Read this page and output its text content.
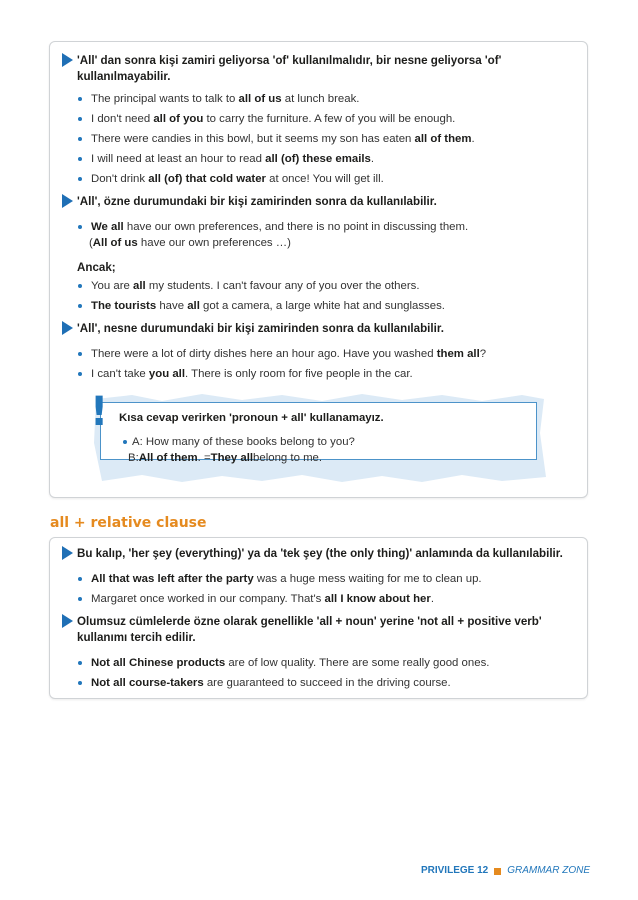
'All' dan sonra kişi zamiri geliyorsa 'of' kullanılmalıdır, bir nesne geliyorsa 'of' kullanılmayabilir.
The principal wants to talk to all of us at lunch break.
I don't need all of you to carry the furniture. A few of you will be enough.
There were candies in this bowl, but it seems my son has eaten all of them.
I will need at least an hour to read all (of) these emails.
Don't drink all (of) that cold water at once! You will get ill.
'All', özne durumundaki bir kişi zamirinden sonra da kullanılabilir.
We all have our own preferences, and there is no point in discussing them.
(All of us have our own preferences …)
Ancak;
You are all my students. I can't favour any of you over the others.
The tourists have all got a camera, a large white hat and sunglasses.
'All', nesne durumundaki bir kişi zamirinden sonra da kullanılabilir.
There were a lot of dirty dishes here an hour ago. Have you washed them all?
I can't take you all. There is only room for five people in the car.
! Kısa cevap verirken 'pronoun + all' kullanamayız.
A: How many of these books belong to you?
B: All of them . = They all belong to me.
all + relative clause
Bu kalıp, 'her şey (everything)' ya da 'tek şey (the only thing)' anlamında da kullanılabilir.
All that was left after the party was a huge mess waiting for me to clean up.
Margaret once worked in our company. That's all I know about her.
Olumsuz cümlelerde özne olarak genellikle 'all + noun' yerine 'not all + positive verb' kullanımı tercih edilir.
Not all Chinese products are of low quality. There are some really good ones.
Not all course-takers are guaranteed to succeed in the driving course.
PRIVILEGE 12 GRAMMAR ZONE
